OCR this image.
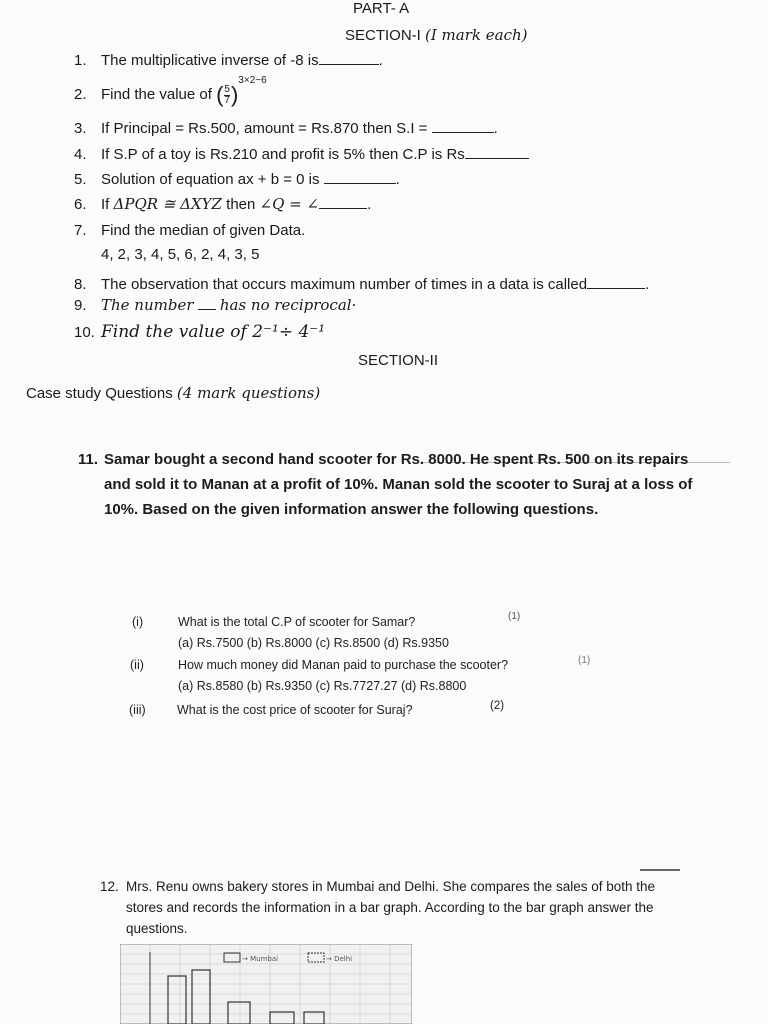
PART- A
SECTION-I (I mark each)
1. The multiplicative inverse of -8 is	.
2. Find the value of ( $\frac{5}{7} )^{3\times 2-6}$
3. If Principal = Rs.500, amount = Rs.870 then S.I =	.
4. If S.P of a toy is Rs.210 and profit is 5% then C.P is Rs
5. Solution of equation ax + b = 0 is	.
6. If ΔPQR ≅ ΔXYZ then ∠Q = ∠	.
7. Find the median of given Data.
4, 2, 3, 4, 5, 6, 2, 4, 3, 5
8. The observation that occurs maximum number of times in a data is called	.
9. The number has no reciprocal·
10. Find the value of 2⁻¹÷ 4⁻¹
SECTION-II
Case study Questions (4 mark questions)
11. Samar bought a second hand scooter for Rs. 8000. He spent Rs. 500 on its repairs and sold it to Manan at a profit of 10%. Manan sold the scooter to Suraj at a loss of 10%. Based on the given information answer the following questions.
(i)	What is the total C.P of scooter for Samar?	(1)
(a) Rs.7500 (b) Rs.8000 (c) Rs.8500 (d) Rs.9350
(ii)	How much money did Manan paid to purchase the scooter?	(1)
(a) Rs.8580 (b) Rs.9350 (c) Rs.7727.27 (d) Rs.8800
(iii)	What is the cost price of scooter for Suraj?	(2)
12. Mrs. Renu owns bakery stores in Mumbai and Delhi. She compares the sales of both the stores and records the information in a bar graph. According to the bar graph answer the questions.
→ Mumbai	→ Delhi
